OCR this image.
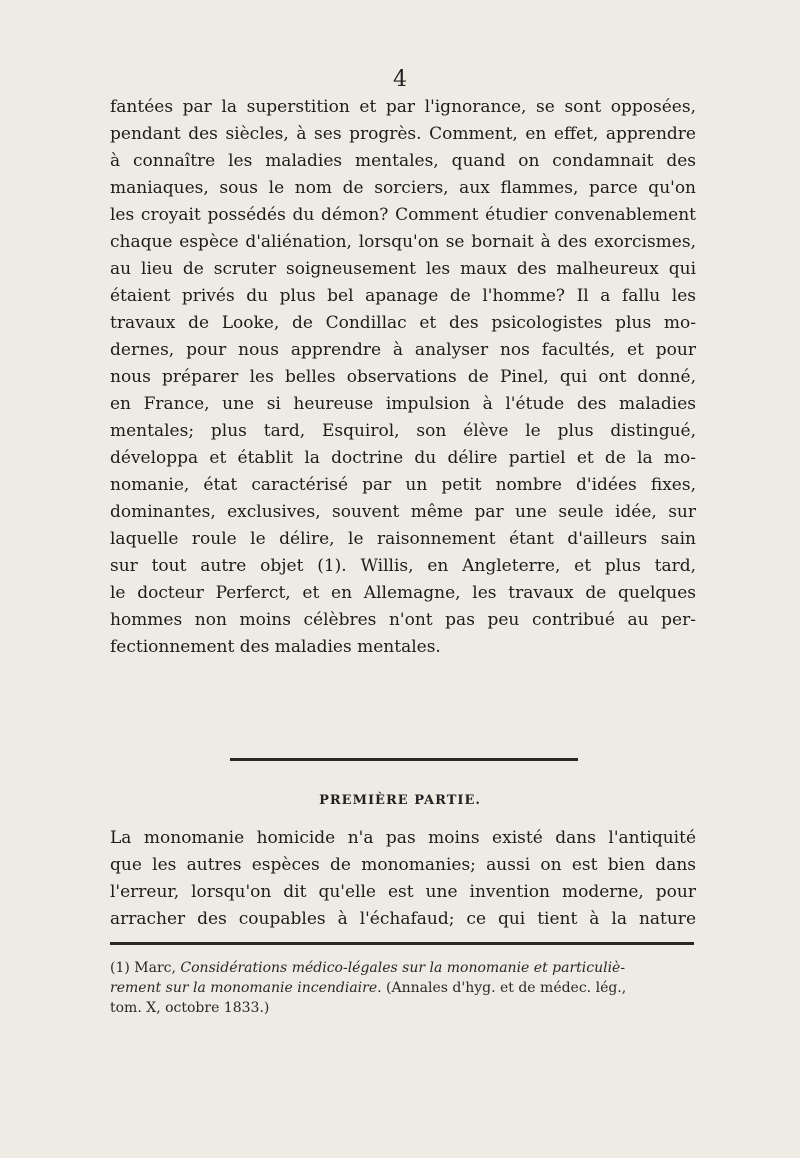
4
fantées par la superstition et par l'ignorance, se sont opposées,
pendant des siècles, à ses progrès. Comment, en effet, apprendre
à connaître les maladies mentales, quand on condamnait des
maniaques, sous le nom de sorciers, aux flammes, parce qu'on
les croyait possédés du démon? Comment étudier convenablement
chaque espèce d'aliénation, lorsqu'on se bornait à des exorcismes,
au lieu de scruter soigneusement les maux des malheureux qui
étaient privés du plus bel apanage de l'homme? Il a fallu les
travaux de Looke, de Condillac et des psicologistes plus mo-
dernes, pour nous apprendre à analyser nos facultés, et pour
nous préparer les belles observations de Pinel, qui ont donné,
en France, une si heureuse impulsion à l'étude des maladies
mentales; plus tard, Esquirol, son élève le plus distingué,
développa et établit la doctrine du délire partiel et de la mo-
nomanie, état caractérisé par un petit nombre d'idées fixes,
dominantes, exclusives, souvent même par une seule idée, sur
laquelle roule le délire, le raisonnement étant d'ailleurs sain
sur tout autre objet (1). Willis, en Angleterre, et plus tard,
le docteur Perferct, et en Allemagne, les travaux de quelques
hommes non moins célèbres n'ont pas peu contribué au per-
fectionnement des maladies mentales.
PREMIÈRE PARTIE.
La monomanie homicide n'a pas moins existé dans l'antiquité
que les autres espèces de monomanies; aussi on est bien dans
l'erreur, lorsqu'on dit qu'elle est une invention moderne, pour
arracher des coupables à l'échafaud; ce qui tient à la nature
(1) Marc, Considérations médico-légales sur la monomanie et particuliè-
rement sur la monomanie incendiaire. (Annales d'hyg. et de médec. lég.,
tom. X, octobre 1833.)
